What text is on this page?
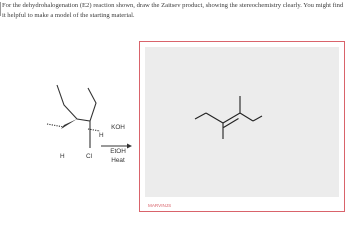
For the dehydrohalogenation (E2) reaction shown, draw the Zaitsev product, showing the stereochemistry clearly. You might find it helpful to make a model of the starting material.
H
H
Cl
KOH
EtOH
Heat
MARVINJS
